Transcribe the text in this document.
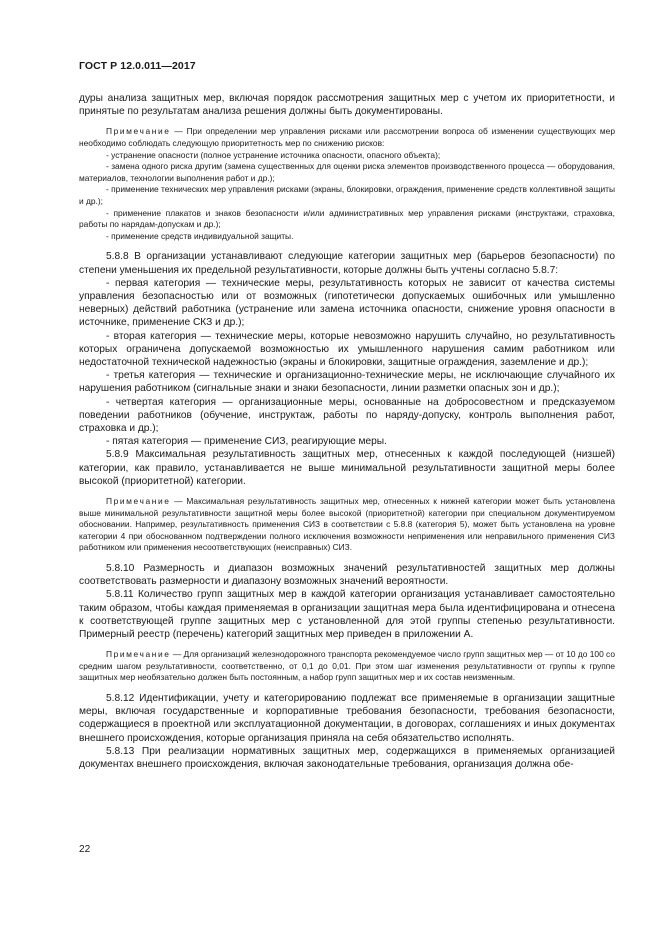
ГОСТ Р 12.0.011—2017

дуры анализа защитных мер, включая порядок рассмотрения защитных мер с учетом их приоритетности, и принятые по результатам анализа решения должны быть документированы.

Примечание — При определении мер управления рисками или рассмотрении вопроса об изменении существующих мер необходимо соблюдать следующую приоритетность мер по снижению рисков:

- устранение опасности (полное устранение источника опасности, опасного объекта);

- замена одного риска другим (замена существенных для оценки риска элементов производственного процесса — оборудования, материалов, технологии выполнения работ и др.);

- применение технических мер управления рисками (экраны, блокировки, ограждения, применение средств коллективной защиты и др.);

- применение плакатов и знаков безопасности и/или административных мер управления рисками (инструктажи, страховка, работы по нарядам-допускам и др.);

- применение средств индивидуальной защиты.

5.8.8 В организации устанавливают следующие категории защитных мер (барьеров безопасности) по степени уменьшения их предельной результативности, которые должны быть учтены согласно 5.8.7:

- первая категория — технические меры, результативность которых не зависит от качества системы управления безопасностью или от возможных (гипотетически допускаемых ошибочных или умышленно неверных) действий работника (устранение или замена источника опасности, снижение уровня опасности в источнике, применение СКЗ и др.);

- вторая категория — технические меры, которые невозможно нарушить случайно, но результативность которых ограничена допускаемой возможностью их умышленного нарушения самим работником или недостаточной технической надежностью (экраны и блокировки, защитные ограждения, заземление и др.);

- третья категория — технические и организационно-технические меры, не исключающие случайного их нарушения работником (сигнальные знаки и знаки безопасности, линии разметки опасных зон и др.);

- четвертая категория — организационные меры, основанные на добросовестном и предсказуемом поведении работников (обучение, инструктаж, работы по наряду-допуску, контроль выполнения работ, страховка и др.);

- пятая категория — применение СИЗ, реагирующие меры.

5.8.9 Максимальная результативность защитных мер, отнесенных к каждой последующей (низшей) категории, как правило, устанавливается не выше минимальной результативности защитной меры более высокой (приоритетной) категории.

Примечание — Максимальная результативность защитных мер, отнесенных к нижней категории может быть установлена выше минимальной результативности защитной меры более высокой (приоритетной) категории при специальном документируемом обосновании. Например, результативность применения СИЗ в соответствии с 5.8.8 (категория 5), может быть установлена на уровне категории 4 при обоснованном подтверждении полного исключения возможности неприменения или неправильного применения СИЗ работником или применения несоответствующих (неисправных) СИЗ.

5.8.10 Размерность и диапазон возможных значений результативностей защитных мер должны соответствовать размерности и диапазону возможных значений вероятности.

5.8.11 Количество групп защитных мер в каждой категории организация устанавливает самостоятельно таким образом, чтобы каждая применяемая в организации защитная мера была идентифицирована и отнесена к соответствующей группе защитных мер с установленной для этой группы степенью результативности. Примерный реестр (перечень) категорий защитных мер приведен в приложении А.

Примечание — Для организаций железнодорожного транспорта рекомендуемое число групп защитных мер — от 10 до 100 со средним шагом результативности, соответственно, от 0,1 до 0,01. При этом шаг изменения результативности от группы к группе защитных мер необязательно должен быть постоянным, а набор групп защитных мер и их состав неизменным.

5.8.12 Идентификации, учету и категорированию подлежат все применяемые в организации защитные меры, включая государственные и корпоративные требования безопасности, требования безопасности, содержащиеся в проектной или эксплуатационной документации, в договорах, соглашениях и иных документах внешнего происхождения, которые организация приняла на себя обязательство исполнять.

5.8.13 При реализации нормативных защитных мер, содержащихся в применяемых организацией документах внешнего происхождения, включая законодательные требования, организация должна обе-

22
